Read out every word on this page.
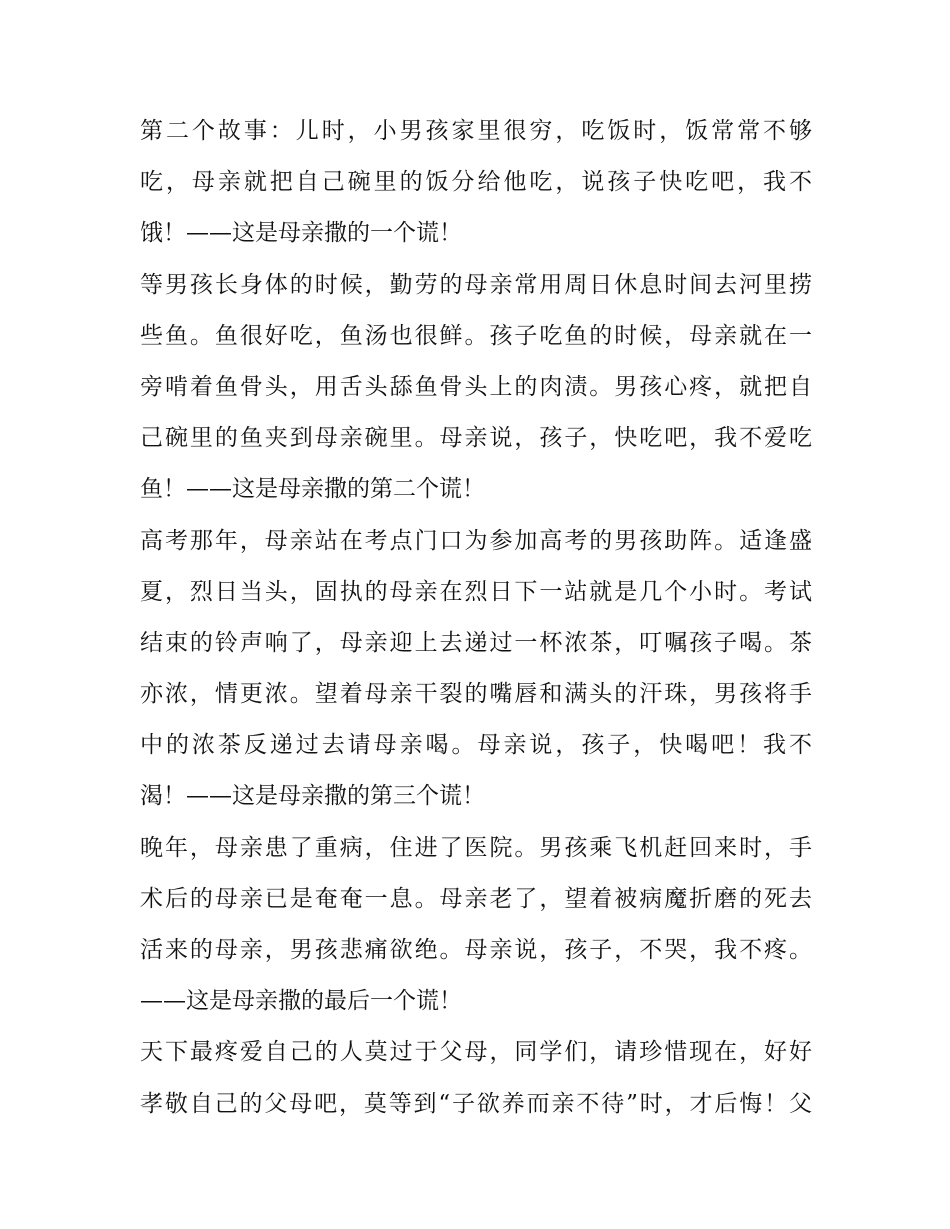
第二个故事：儿时，小男孩家里很穷，吃饭时，饭常常不够
吃，母亲就把自己碗里的饭分给他吃，说孩子快吃吧，我不
饿！——这是母亲撒的一个谎！
等男孩长身体的时候，勤劳的母亲常用周日休息时间去河里捞
些鱼。鱼很好吃，鱼汤也很鲜。孩子吃鱼的时候，母亲就在一
旁啃着鱼骨头，用舌头舔鱼骨头上的肉渍。男孩心疼，就把自
己碗里的鱼夹到母亲碗里。母亲说，孩子，快吃吧，我不爱吃
鱼！——这是母亲撒的第二个谎！
高考那年，母亲站在考点门口为参加高考的男孩助阵。适逢盛
夏，烈日当头，固执的母亲在烈日下一站就是几个小时。考试
结束的铃声响了，母亲迎上去递过一杯浓茶，叮嘱孩子喝。茶
亦浓，情更浓。望着母亲干裂的嘴唇和满头的汗珠，男孩将手
中的浓茶反递过去请母亲喝。母亲说，孩子，快喝吧！我不
渴！——这是母亲撒的第三个谎！
晚年，母亲患了重病，住进了医院。男孩乘飞机赶回来时，手
术后的母亲已是奄奄一息。母亲老了，望着被病魔折磨的死去
活来的母亲，男孩悲痛欲绝。母亲说，孩子，不哭，我不疼。
——这是母亲撒的最后一个谎！
天下最疼爱自己的人莫过于父母，同学们，请珍惜现在，好好
孝敬自己的父母吧，莫等到“子欲养而亲不待”时，才后悔！父
